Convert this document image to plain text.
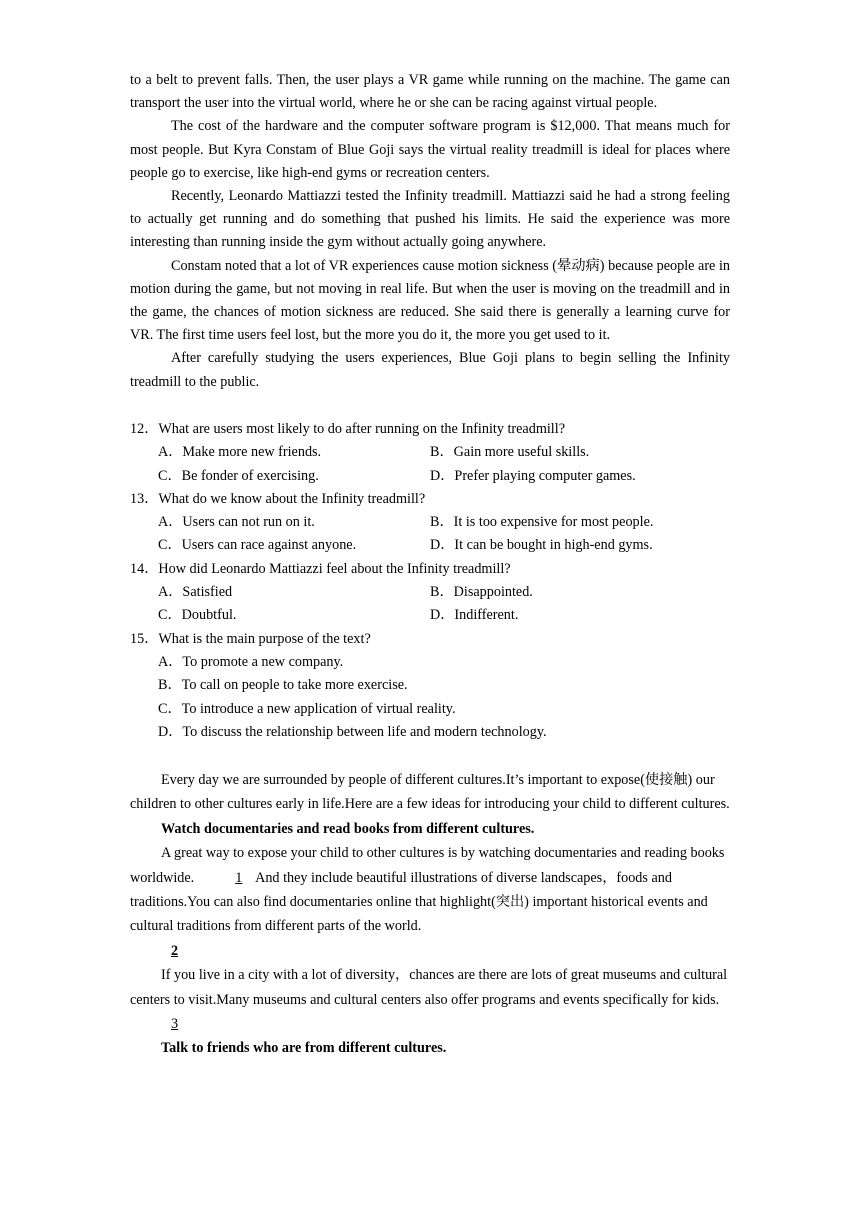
to a belt to prevent falls. Then, the user plays a VR game while running on the machine. The game can transport the user into the virtual world, where he or she can be racing against virtual people.

The cost of the hardware and the computer software program is $12,000. That means much for most people. But Kyra Constam of Blue Goji says the virtual reality treadmill is ideal for places where people go to exercise, like high-end gyms or recreation centers.

Recently, Leonardo Mattiazzi tested the Infinity treadmill. Mattiazzi said he had a strong feeling to actually get running and do something that pushed his limits. He said the experience was more interesting than running inside the gym without actually going anywhere.

Constam noted that a lot of VR experiences cause motion sickness (晕动病) because people are in motion during the game, but not moving in real life. But when the user is moving on the treadmill and in the game, the chances of motion sickness are reduced. She said there is generally a learning curve for VR. The first time users feel lost, but the more you do it, the more you get used to it.

After carefully studying the users experiences, Blue Goji plans to begin selling the Infinity treadmill to the public.

12．What are users most likely to do after running on the Infinity treadmill?

A．Make more new friends.	B．Gain more useful skills.
C．Be fonder of exercising.	D．Prefer playing computer games.

13．What do we know about the Infinity treadmill?

A．Users can not run on it.	B．It is too expensive for most people.
C．Users can race against anyone.	D．It can be bought in high-end gyms.

14．How did Leonardo Mattiazzi feel about the Infinity treadmill?

A．Satisfied	B．Disappointed.
C．Doubtful.	D．Indifferent.

15．What is the main purpose of the text?

A．To promote a new company.

B．To call on people to take more exercise.

C．To introduce a new application of virtual reality.

D．To discuss the relationship between life and modern technology.

Every day we are surrounded by people of different cultures.It’s important to expose(使接触) our children to other cultures early in life.Here are a few ideas for introducing your child to different cultures.

Watch documentaries and read books from different cultures.

A great way to expose your child to other cultures is by watching documentaries and reading books worldwide.	1 And they include beautiful illustrations of diverse landscapes，foods and traditions.You can also find documentaries online that highlight(突出) important historical events and cultural traditions from different parts of the world.

2

If you live in a city with a lot of diversity，chances are there are lots of great museums and cultural centers to visit.Many museums and cultural centers also offer programs and events specifically for kids.3

Talk to friends who are from different cultures.
